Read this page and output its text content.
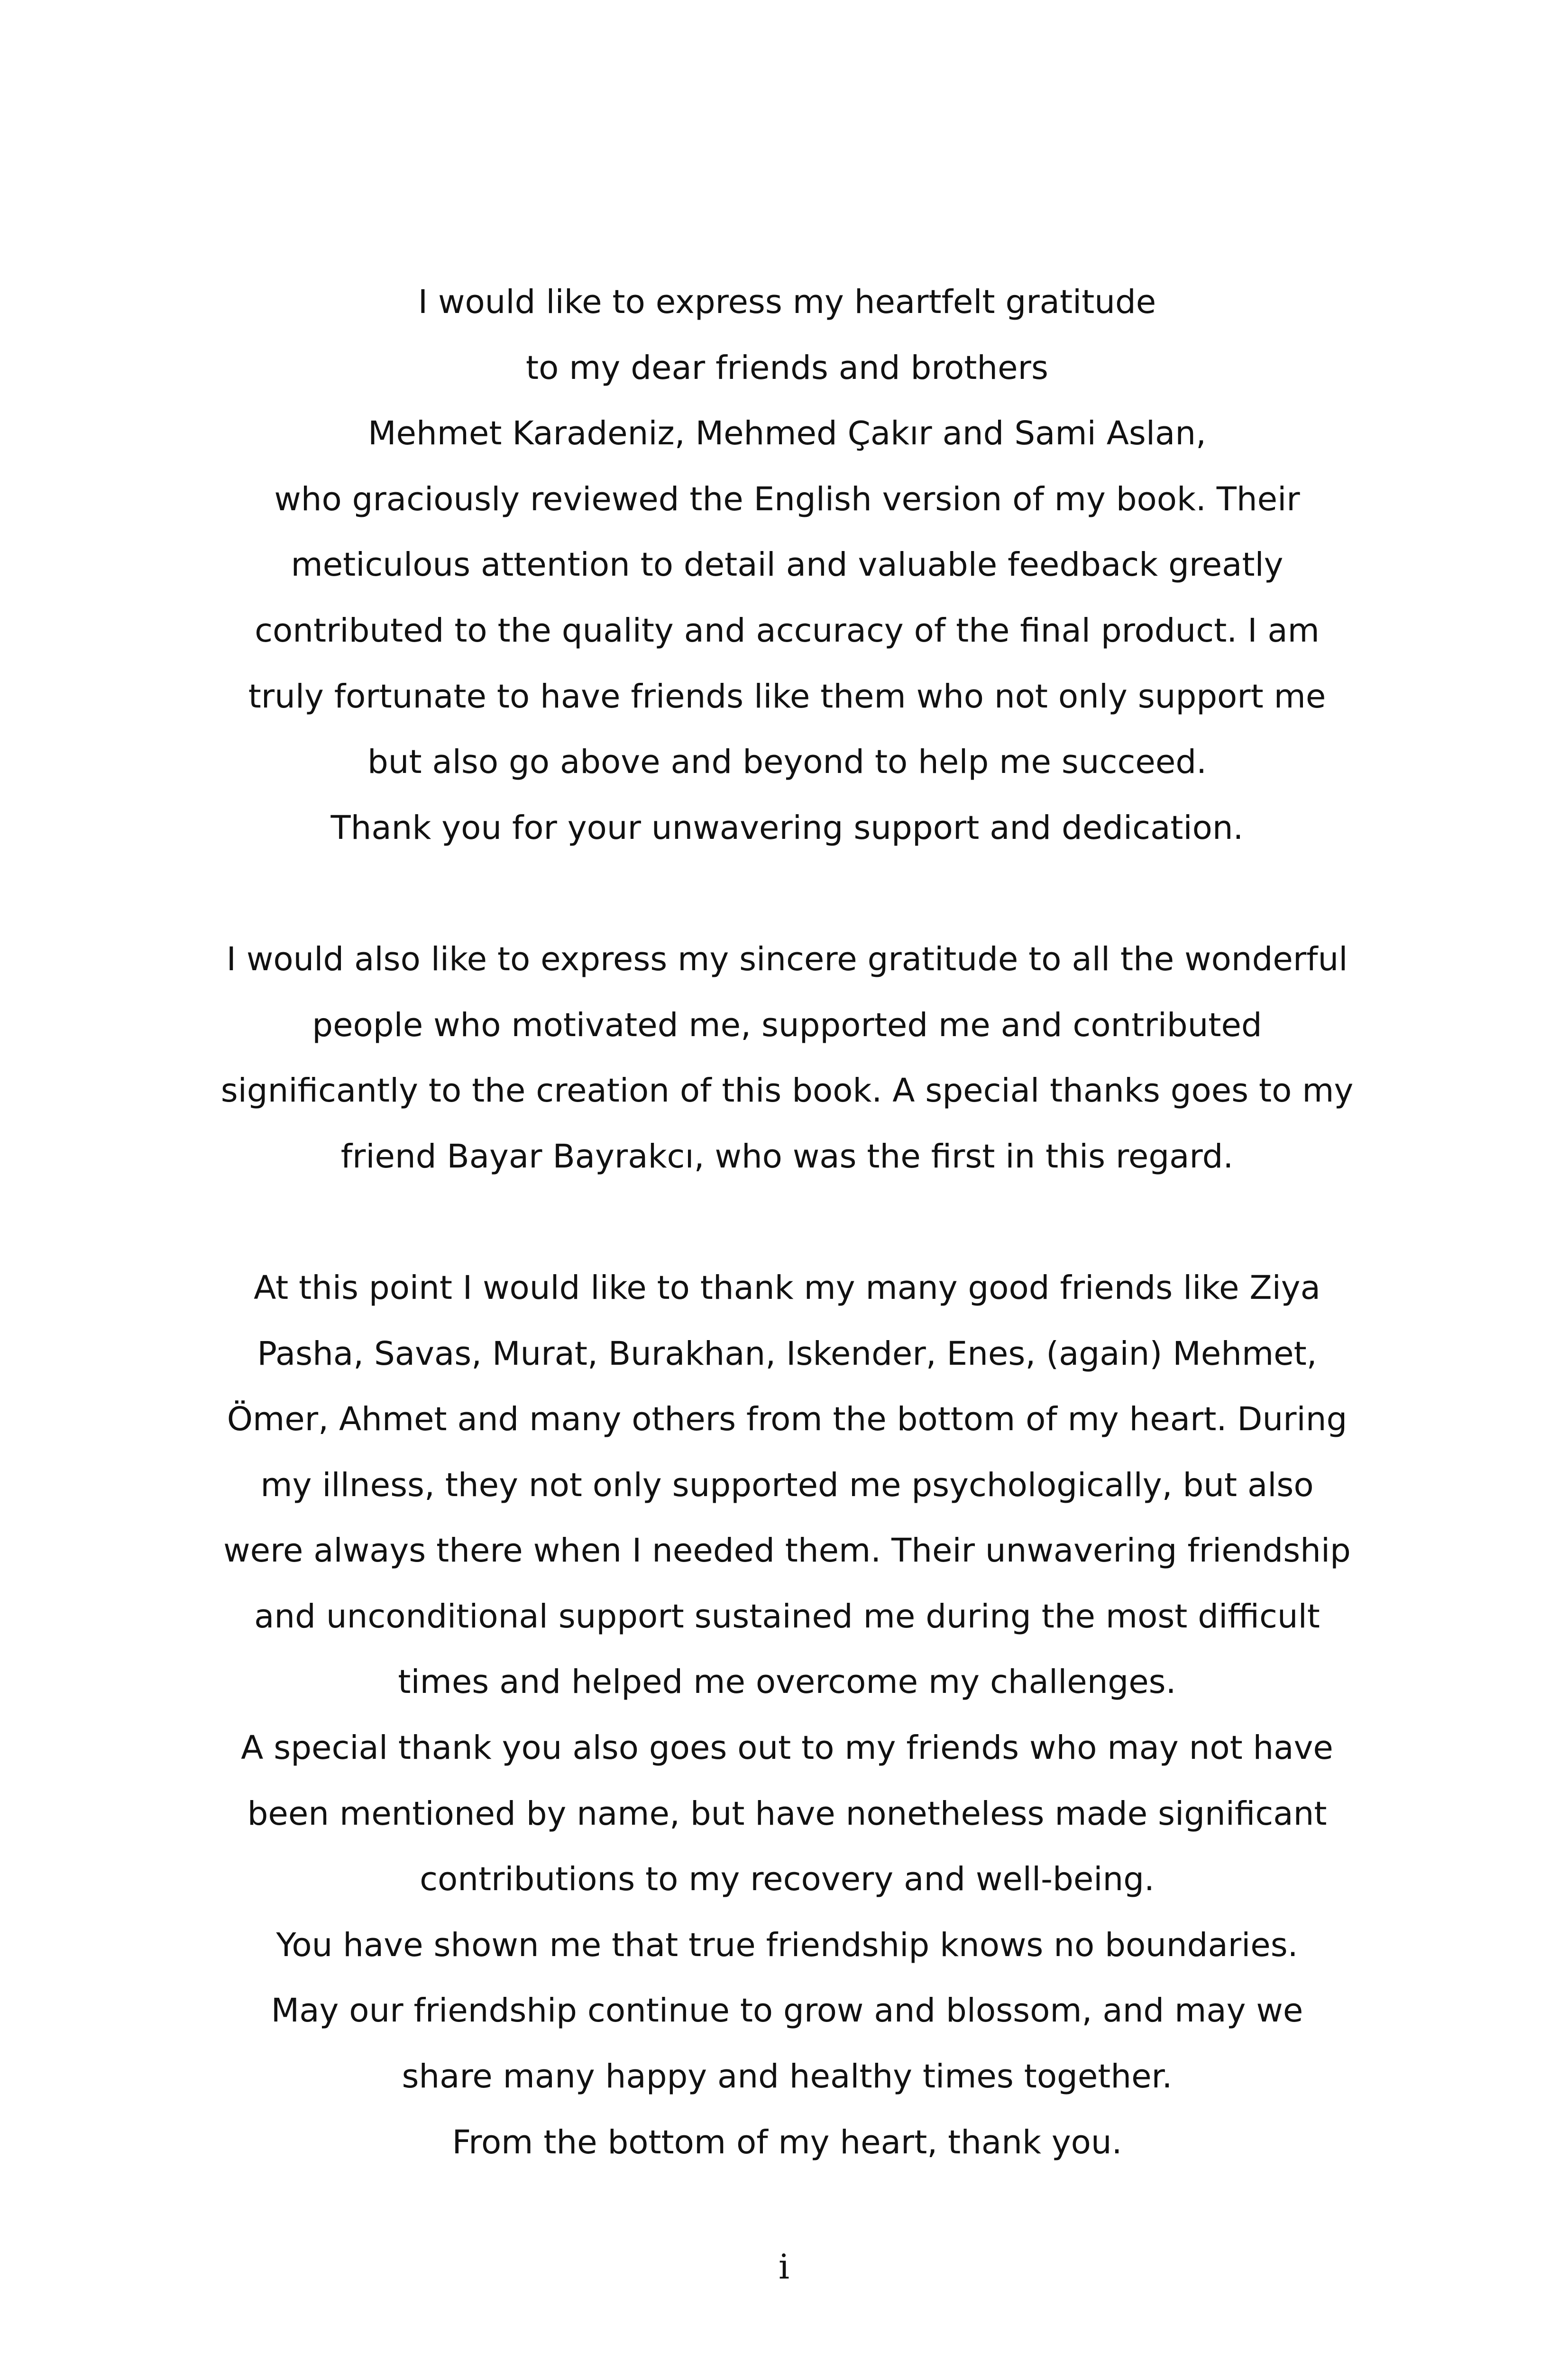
I would like to express my heartfelt gratitude
to my dear friends and brothers
Mehmet Karadeniz, Mehmed Çakır and Sami Aslan,
who graciously reviewed the English version of my book. Their
meticulous attention to detail and valuable feedback greatly
contributed to the quality and accuracy of the final product. I am
truly fortunate to have friends like them who not only support me
but also go above and beyond to help me succeed.
Thank you for your unwavering support and dedication.
I would also like to express my sincere gratitude to all the wonderful
people who motivated me, supported me and contributed
significantly to the creation of this book. A special thanks goes to my
friend Bayar Bayrakcı, who was the first in this regard.
At this point I would like to thank my many good friends like Ziya
Pasha, Savas, Murat, Burakhan, Iskender, Enes, (again) Mehmet,
Ömer, Ahmet and many others from the bottom of my heart. During
my illness, they not only supported me psychologically, but also
were always there when I needed them. Their unwavering friendship
and unconditional support sustained me during the most difficult
times and helped me overcome my challenges.
A special thank you also goes out to my friends who may not have
been mentioned by name, but have nonetheless made significant
contributions to my recovery and well-being.
You have shown me that true friendship knows no boundaries.
May our friendship continue to grow and blossom, and may we
share many happy and healthy times together.
From the bottom of my heart, thank you.
i
